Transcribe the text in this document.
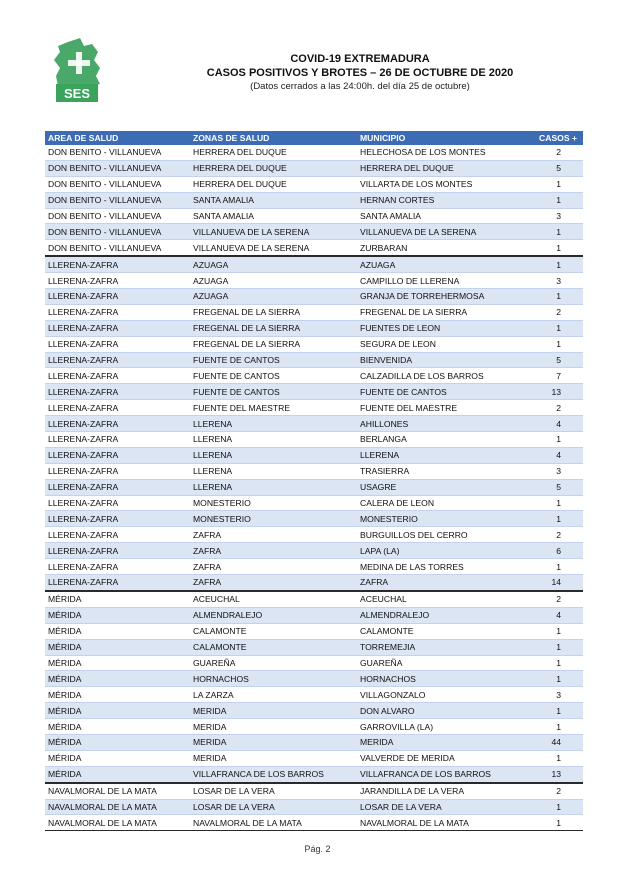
SES
COVID-19 EXTREMADURA
CASOS POSITIVOS Y BROTES – 26 DE OCTUBRE DE 2020
(Datos cerrados a las 24:00h. del día 25 de octubre)
AREA DE SALUD	ZONAS DE SALUD	MUNICIPIO	CASOS +
DON BENITO - VILLANUEVA	HERRERA DEL DUQUE	HELECHOSA DE LOS MONTES	2
DON BENITO - VILLANUEVA	HERRERA DEL DUQUE	HERRERA DEL DUQUE	5
DON BENITO - VILLANUEVA	HERRERA DEL DUQUE	VILLARTA DE LOS MONTES	1
DON BENITO - VILLANUEVA	SANTA AMALIA	HERNAN CORTES	1
DON BENITO - VILLANUEVA	SANTA AMALIA	SANTA AMALIA	3
DON BENITO - VILLANUEVA	VILLANUEVA DE LA SERENA	VILLANUEVA DE LA SERENA	1
DON BENITO - VILLANUEVA	VILLANUEVA DE LA SERENA	ZURBARAN	1
LLERENA-ZAFRA	AZUAGA	AZUAGA	1
LLERENA-ZAFRA	AZUAGA	CAMPILLO DE LLERENA	3
LLERENA-ZAFRA	AZUAGA	GRANJA DE TORREHERMOSA	1
LLERENA-ZAFRA	FREGENAL DE LA SIERRA	FREGENAL DE LA SIERRA	2
LLERENA-ZAFRA	FREGENAL DE LA SIERRA	FUENTES DE LEON	1
LLERENA-ZAFRA	FREGENAL DE LA SIERRA	SEGURA DE LEON	1
LLERENA-ZAFRA	FUENTE DE CANTOS	BIENVENIDA	5
LLERENA-ZAFRA	FUENTE DE CANTOS	CALZADILLA DE LOS BARROS	7
LLERENA-ZAFRA	FUENTE DE CANTOS	FUENTE DE CANTOS	13
LLERENA-ZAFRA	FUENTE DEL MAESTRE	FUENTE DEL MAESTRE	2
LLERENA-ZAFRA	LLERENA	AHILLONES	4
LLERENA-ZAFRA	LLERENA	BERLANGA	1
LLERENA-ZAFRA	LLERENA	LLERENA	4
LLERENA-ZAFRA	LLERENA	TRASIERRA	3
LLERENA-ZAFRA	LLERENA	USAGRE	5
LLERENA-ZAFRA	MONESTERIO	CALERA DE LEON	1
LLERENA-ZAFRA	MONESTERIO	MONESTERIO	1
LLERENA-ZAFRA	ZAFRA	BURGUILLOS DEL CERRO	2
LLERENA-ZAFRA	ZAFRA	LAPA (LA)	6
LLERENA-ZAFRA	ZAFRA	MEDINA DE LAS TORRES	1
LLERENA-ZAFRA	ZAFRA	ZAFRA	14
MÉRIDA	ACEUCHAL	ACEUCHAL	2
MÉRIDA	ALMENDRALEJO	ALMENDRALEJO	4
MÉRIDA	CALAMONTE	CALAMONTE	1
MÉRIDA	CALAMONTE	TORREMEJIA	1
MÉRIDA	GUAREÑA	GUAREÑA	1
MÉRIDA	HORNACHOS	HORNACHOS	1
MÉRIDA	LA ZARZA	VILLAGONZALO	3
MÉRIDA	MERIDA	DON ALVARO	1
MÉRIDA	MERIDA	GARROVILLA (LA)	1
MÉRIDA	MERIDA	MERIDA	44
MÉRIDA	MERIDA	VALVERDE DE MERIDA	1
MÉRIDA	VILLAFRANCA DE LOS BARROS	VILLAFRANCA DE LOS BARROS	13
NAVALMORAL DE LA MATA	LOSAR DE LA VERA	JARANDILLA DE LA VERA	2
NAVALMORAL DE LA MATA	LOSAR DE LA VERA	LOSAR DE LA VERA	1
NAVALMORAL DE LA MATA	NAVALMORAL DE LA MATA	NAVALMORAL DE LA MATA	1
Pág. 2
